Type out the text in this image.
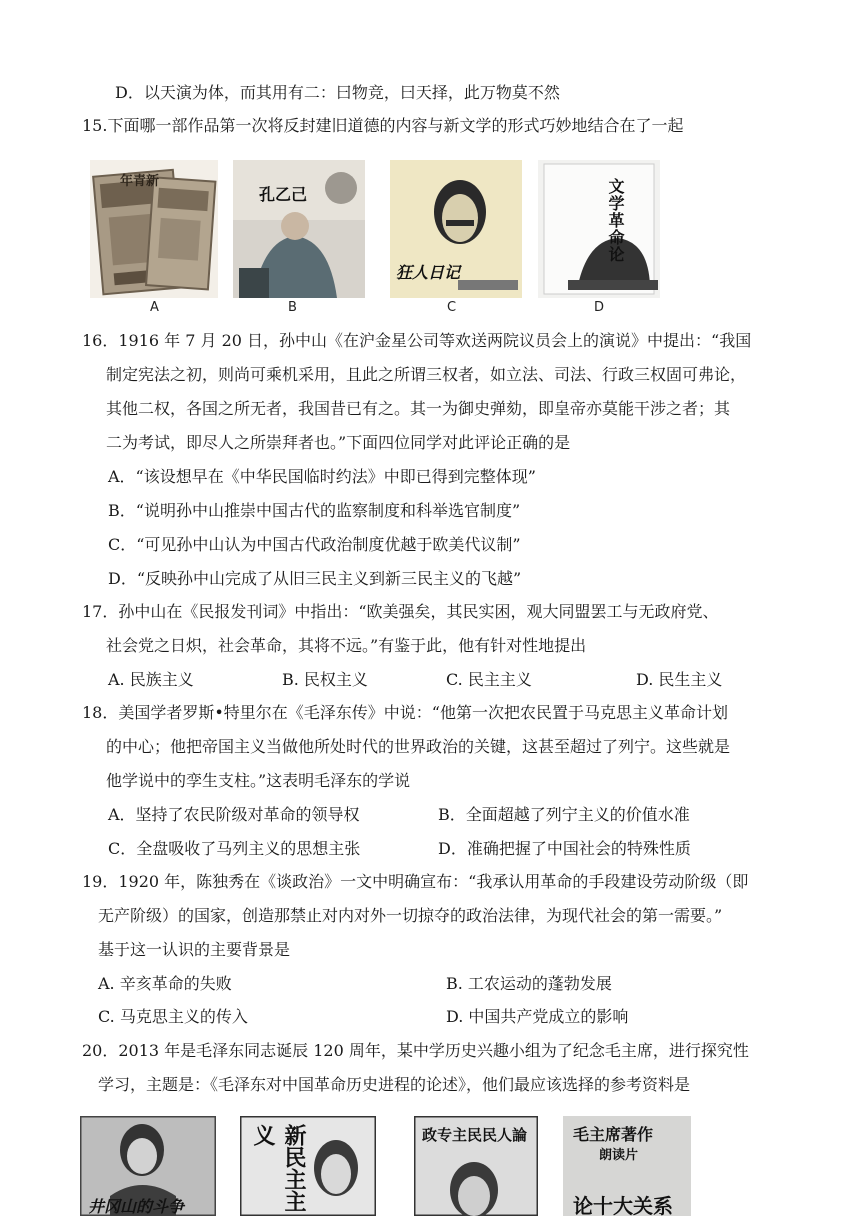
D．以天演为体，而其用有二：曰物竞，曰天择，此万物莫不然
15.下面哪一部作品第一次将反封建旧道德的内容与新文学的形式巧妙地结合在了一起
年青新
A
孔乙己
B
狂人日记
C
文学革命论
D
16．1916 年 7 月 20 日，孙中山《在沪金星公司等欢送两院议员会上的演说》中提出：“我国
制定宪法之初，则尚可乘机采用，且此之所谓三权者，如立法、司法、行政三权固可弗论，
其他二权，各国之所无者，我国昔已有之。其一为御史弹劾，即皇帝亦莫能干涉之者；其
二为考试，即尽人之所崇拜者也。”下面四位同学对此评论正确的是
A．“该设想早在《中华民国临时约法》中即已得到完整体现”
B．“说明孙中山推崇中国古代的监察制度和科举选官制度”
C．“可见孙中山认为中国古代政治制度优越于欧美代议制”
D．“反映孙中山完成了从旧三民主义到新三民主义的飞越”
17．孙中山在《民报发刊词》中指出：“欧美强矣，其民实困，观大同盟罢工与无政府党、
社会党之日炽，社会革命，其将不远。”有鉴于此，他有针对性地提出
A. 民族主义	B. 民权主义	C. 民主主义	D. 民生主义
18．美国学者罗斯•特里尔在《毛泽东传》中说：“他第一次把农民置于马克思主义革命计划
的中心；他把帝国主义当做他所处时代的世界政治的关键，这甚至超过了列宁。这些就是
他学说中的孪生支柱。”这表明毛泽东的学说
A．坚持了农民阶级对革命的领导权	B．全面超越了列宁主义的价值水准
C．全盘吸收了马列主义的思想主张	D．准确把握了中国社会的特殊性质
19．1920 年，陈独秀在《谈政治》一文中明确宣布：“我承认用革命的手段建设劳动阶级（即
无产阶级）的国家，创造那禁止对内对外一切掠夺的政治法律，为现代社会的第一需要。”
基于这一认识的主要背景是
A. 辛亥革命的失败	B. 工农运动的蓬勃发展
C. 马克思主义的传入	D. 中国共产党成立的影响
20．2013 年是毛泽东同志诞辰 120 周年，某中学历史兴趣小组为了纪念毛主席，进行探究性
学习，主题是：《毛泽东对中国革命历史进程的论述》，他们最应该选择的参考资料是
井冈山的斗争	新民主主义	政专主民民人論	毛主席著作
朗读片
论十大关系
